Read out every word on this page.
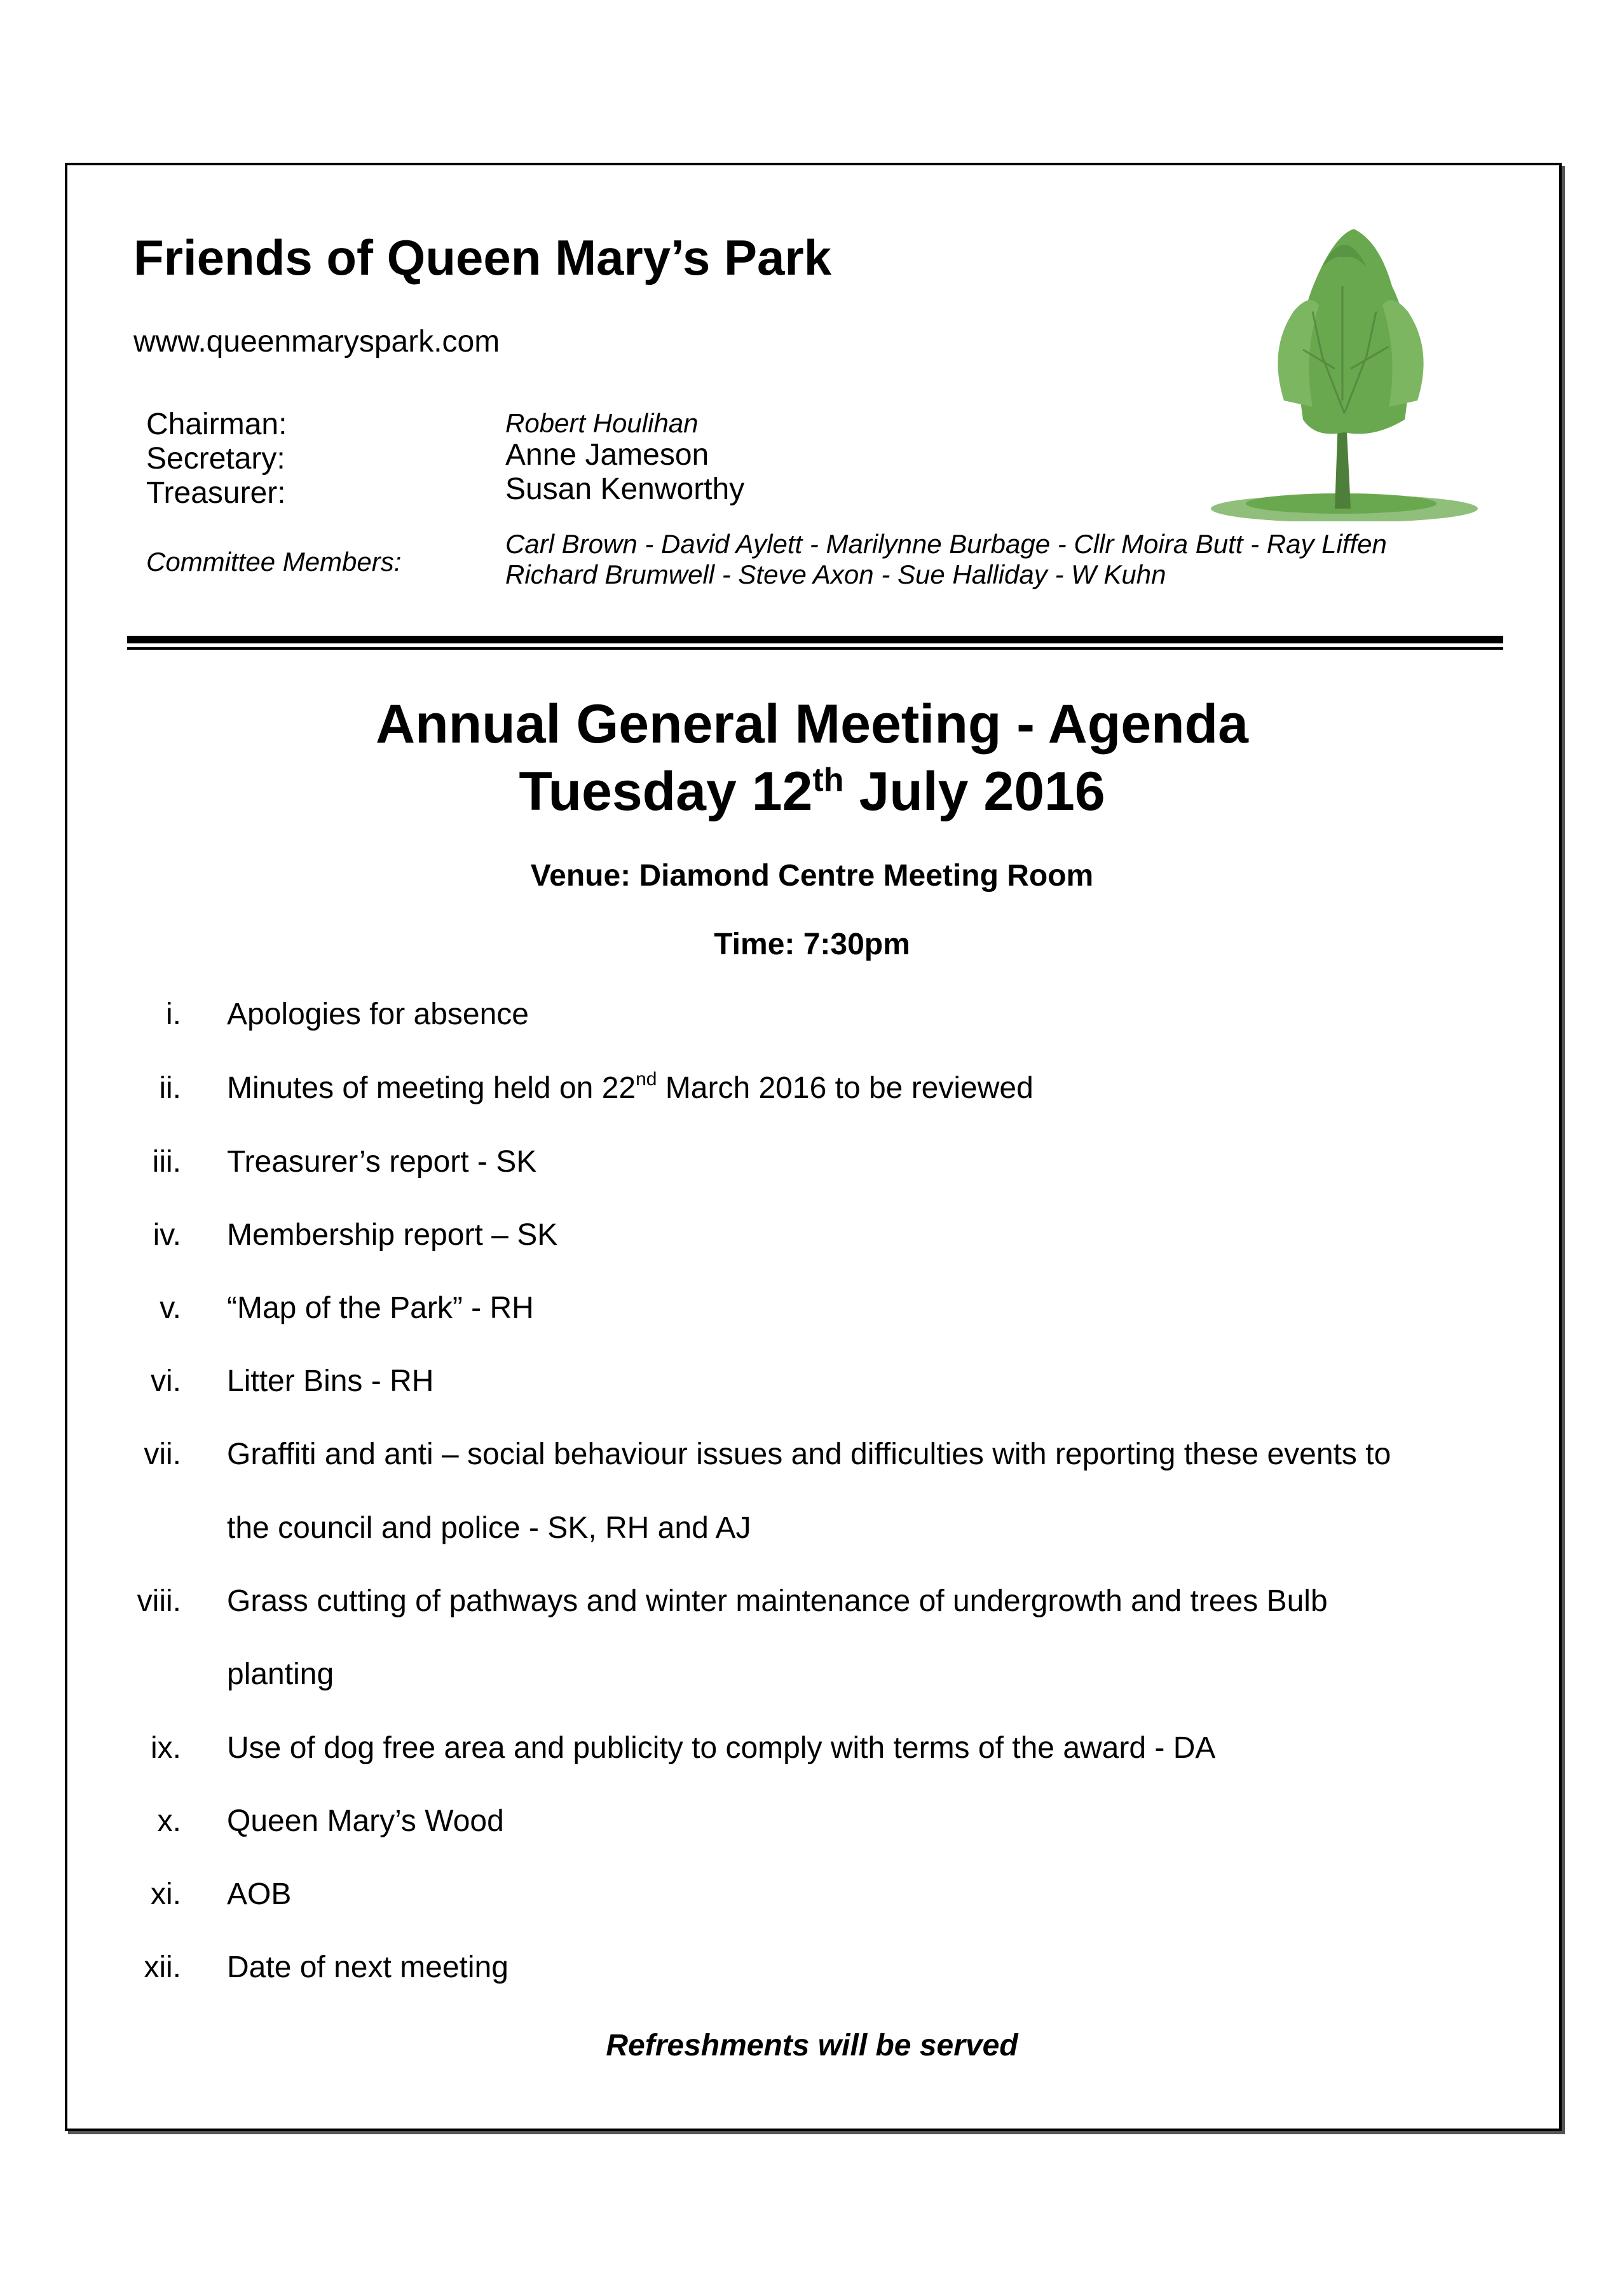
Friends of Queen Mary’s Park
www.queenmaryspark.com
Chairman:	Robert Houlihan
Secretary:	Anne Jameson
Treasurer:	Susan Kenworthy
Committee Members:
Carl Brown - David Aylett - Marilynne Burbage - Cllr Moira Butt - Ray Liffen
Richard Brumwell - Steve Axon - Sue Halliday - W Kuhn
Annual General Meeting - Agenda
Tuesday 12th July 2016
Venue: Diamond Centre Meeting Room
Time: 7:30pm
i. Apologies for absence
ii. Minutes of meeting held on 22nd March 2016 to be reviewed
iii. Treasurer’s report - SK
iv. Membership report – SK
v. “Map of the Park” - RH
vi. Litter Bins - RH
vii. Graffiti and anti – social behaviour issues and difficulties with reporting these events to
the council and police - SK, RH and AJ
viii. Grass cutting of pathways and winter maintenance of undergrowth and trees Bulb
planting
ix. Use of dog free area and publicity to comply with terms of the award - DA
x. Queen Mary’s Wood
xi. AOB
xii. Date of next meeting
Refreshments will be served
